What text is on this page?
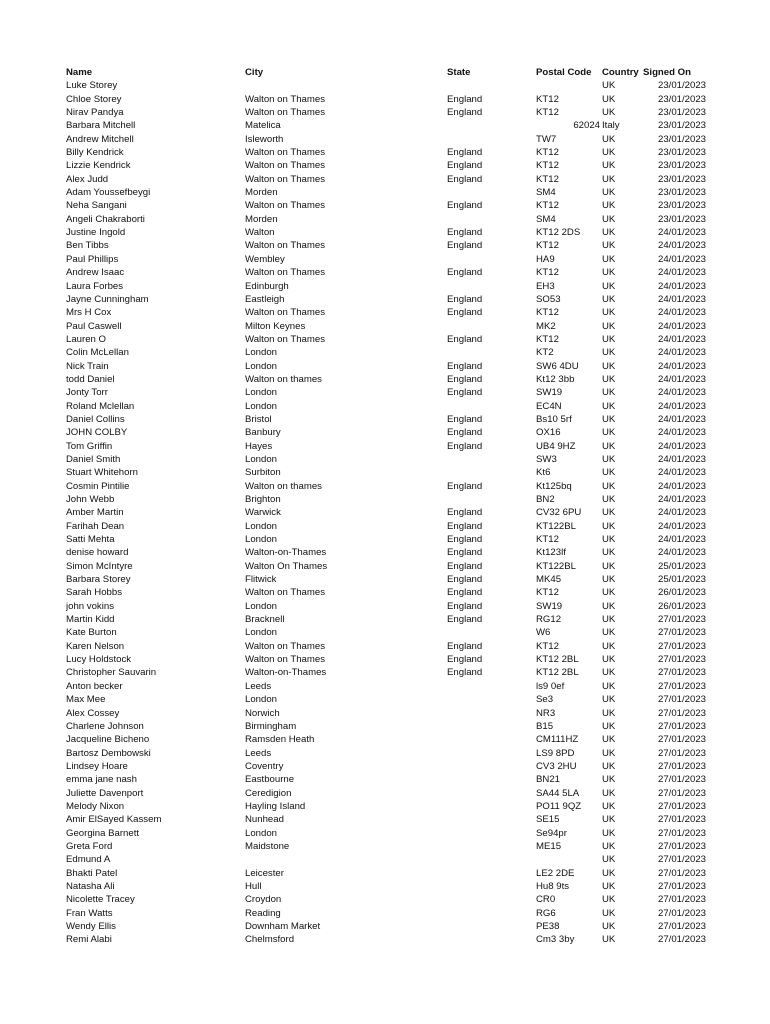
Name	City	State	Postal Code	Country	Signed On
Luke Storey				UK	23/01/2023
Chloe Storey	Walton on Thames	England	KT12	UK	23/01/2023
Nirav Pandya	Walton on Thames	England	KT12	UK	23/01/2023
Barbara Mitchell	Matelica		62024	Italy	23/01/2023
Andrew Mitchell	Isleworth		TW7	UK	23/01/2023
Billy Kendrick	Walton on Thames	England	KT12	UK	23/01/2023
Lizzie Kendrick	Walton on Thames	England	KT12	UK	23/01/2023
Alex Judd	Walton on Thames	England	KT12	UK	23/01/2023
Adam Youssefbeygi	Morden		SM4	UK	23/01/2023
Neha Sangani	Walton on Thames	England	KT12	UK	23/01/2023
Angeli Chakraborti	Morden		SM4	UK	23/01/2023
Justine Ingold	Walton	England	KT12 2DS	UK	24/01/2023
Ben Tibbs	Walton on Thames	England	KT12	UK	24/01/2023
Paul Phillips	Wembley		HA9	UK	24/01/2023
Andrew Isaac	Walton on Thames	England	KT12	UK	24/01/2023
Laura Forbes	Edinburgh		EH3	UK	24/01/2023
Jayne Cunningham	Eastleigh	England	SO53	UK	24/01/2023
Mrs H Cox	Walton on Thames	England	KT12	UK	24/01/2023
Paul Caswell	Milton Keynes		MK2	UK	24/01/2023
Lauren O	Walton on Thames	England	KT12	UK	24/01/2023
Colin McLellan	London		KT2	UK	24/01/2023
Nick Train	London	England	SW6 4DU	UK	24/01/2023
todd Daniel	Walton on thames	England	Kt12 3bb	UK	24/01/2023
Jonty Torr	London	England	SW19	UK	24/01/2023
Roland Mclellan	London		EC4N	UK	24/01/2023
Daniel Collins	Bristol	England	Bs10 5rf	UK	24/01/2023
JOHN COLBY	Banbury	England	OX16	UK	24/01/2023
Tom Griffin	Hayes	England	UB4 9HZ	UK	24/01/2023
Daniel Smith	London		SW3	UK	24/01/2023
Stuart Whitehorn	Surbiton		Kt6	UK	24/01/2023
Cosmin Pintilie	Walton on thames	England	Kt125bq	UK	24/01/2023
John Webb	Brighton		BN2	UK	24/01/2023
Amber Martin	Warwick	England	CV32 6PU	UK	24/01/2023
Farihah Dean	London	England	KT122BL	UK	24/01/2023
Satti Mehta	London	England	KT12	UK	24/01/2023
denise howard	Walton-on-Thames	England	Kt123lf	UK	24/01/2023
Simon McIntyre	Walton On Thames	England	KT122BL	UK	25/01/2023
Barbara Storey	Flitwick	England	MK45	UK	25/01/2023
Sarah Hobbs	Walton on Thames	England	KT12	UK	26/01/2023
john vokins	London	England	SW19	UK	26/01/2023
Martin Kidd	Bracknell	England	RG12	UK	27/01/2023
Kate Burton	London		W6	UK	27/01/2023
Karen Nelson	Walton on Thames	England	KT12	UK	27/01/2023
Lucy Holdstock	Walton on Thames	England	KT12 2BL	UK	27/01/2023
Christopher Sauvarin	Walton-on-Thames	England	KT12 2BL	UK	27/01/2023
Anton becker	Leeds		ls9 0ef	UK	27/01/2023
Max Mee	London		Se3	UK	27/01/2023
Alex Cossey	Norwich		NR3	UK	27/01/2023
Charlene Johnson	Birmingham		B15	UK	27/01/2023
Jacqueline Bicheno	Ramsden Heath		CM111HZ	UK	27/01/2023
Bartosz Dembowski	Leeds		LS9 8PD	UK	27/01/2023
Lindsey Hoare	Coventry		CV3 2HU	UK	27/01/2023
emma jane nash	Eastbourne		BN21	UK	27/01/2023
Juliette Davenport	Ceredigion		SA44 5LA	UK	27/01/2023
Melody Nixon	Hayling Island		PO11 9QZ	UK	27/01/2023
Amir ElSayed Kassem	Nunhead		SE15	UK	27/01/2023
Georgina Barnett	London		Se94pr	UK	27/01/2023
Greta Ford	Maidstone		ME15	UK	27/01/2023
Edmund A				UK	27/01/2023
Bhakti Patel	Leicester		LE2 2DE	UK	27/01/2023
Natasha Ali	Hull		Hu8 9ts	UK	27/01/2023
Nicolette Tracey	Croydon		CR0	UK	27/01/2023
Fran Watts	Reading		RG6	UK	27/01/2023
Wendy Ellis	Downham Market		PE38	UK	27/01/2023
Remi Alabi	Chelmsford		Cm3 3by	UK	27/01/2023
